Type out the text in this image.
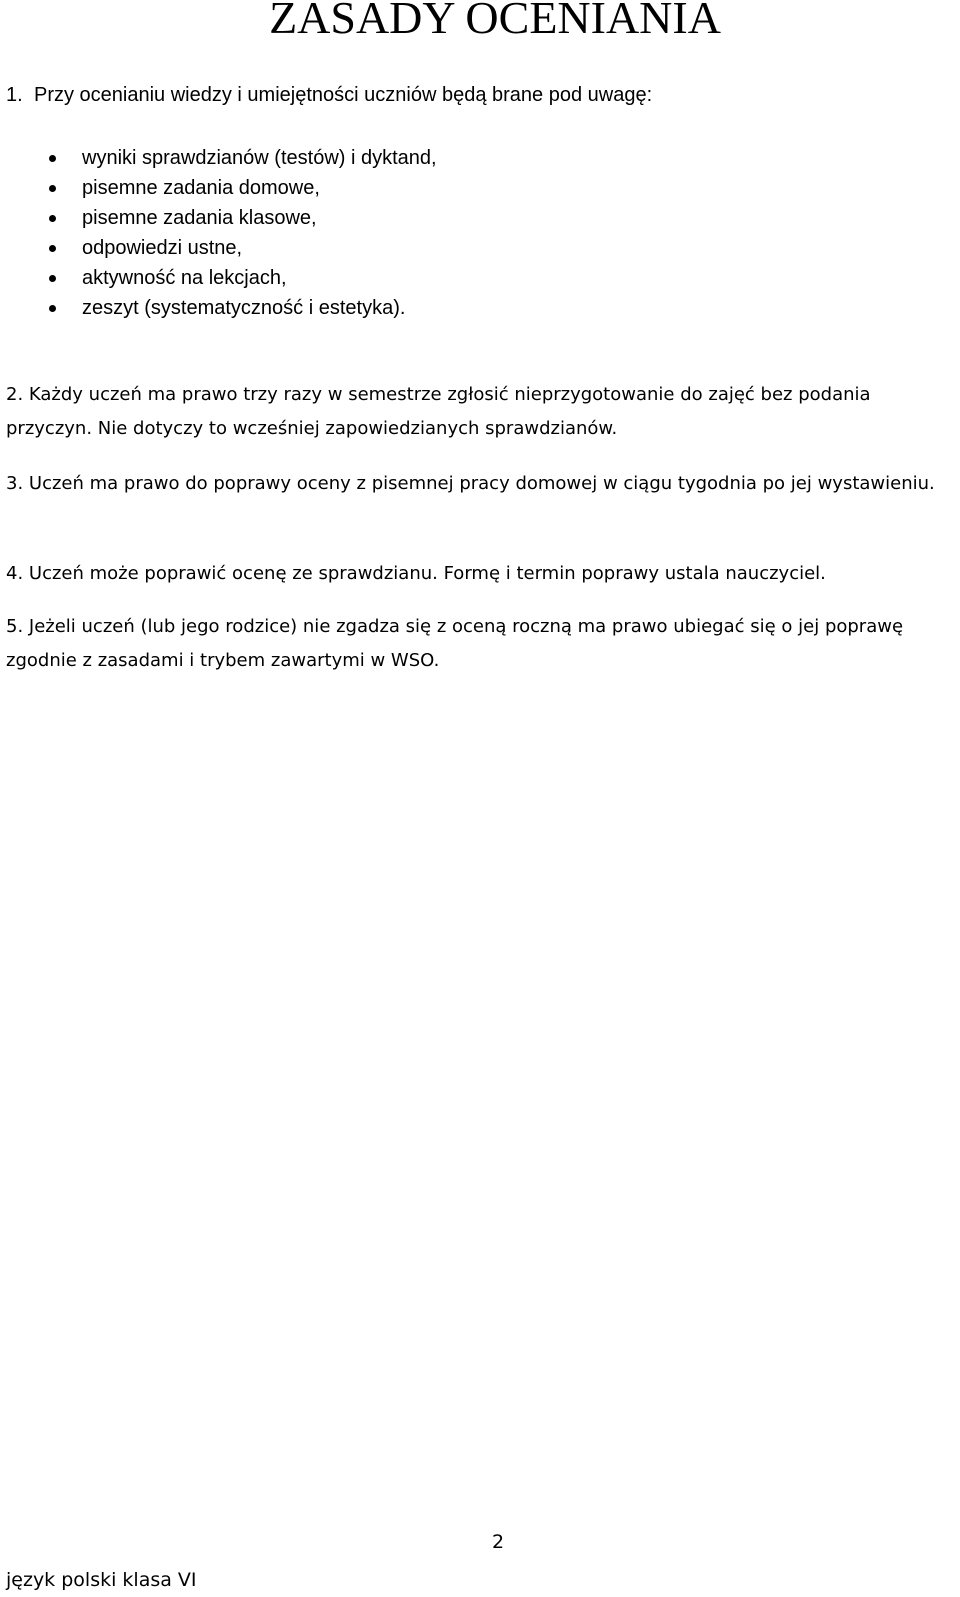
ZASADY OCENIANIA
1. Przy ocenianiu wiedzy i umiejętności uczniów będą brane pod uwagę:
wyniki sprawdzianów (testów) i dyktand,
pisemne zadania domowe,
pisemne zadania klasowe,
odpowiedzi ustne,
aktywność na lekcjach,
zeszyt (systematyczność i estetyka).

2. Każdy uczeń ma prawo trzy razy w semestrze zgłosić nieprzygotowanie do zajęć bez podania przyczyn. Nie dotyczy to wcześniej zapowiedzianych sprawdzianów.

3. Uczeń ma prawo do poprawy oceny z pisemnej pracy domowej w ciągu tygodnia po jej wystawieniu.

4. Uczeń może poprawić ocenę ze sprawdzianu. Formę i termin poprawy ustala nauczyciel.

5. Jeżeli uczeń (lub jego rodzice) nie zgadza się z oceną roczną ma prawo ubiegać się o jej poprawę zgodnie z zasadami i trybem zawartymi w WSO.

2
język polski klasa VI
